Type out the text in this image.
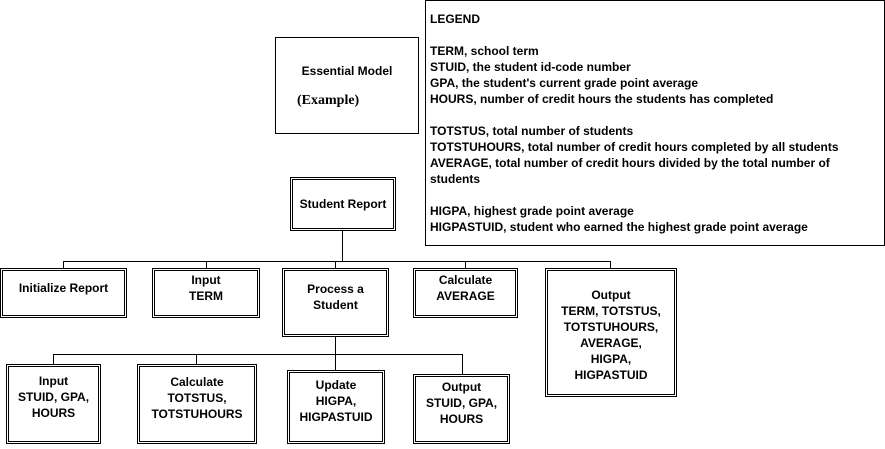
Essential Model
(Example)
LEGEND
TERM, school term
STUID, the student id-code number
GPA, the student's current grade point average
HOURS, number of credit hours the students has completed
TOTSTUS, total number of students
TOTSTUHOURS, total number of credit hours completed by all students
AVERAGE, total number of credit hours divided by the total number of students
HIGPA, highest grade point average
HIGPASTUID, student who earned the highest grade point average
Student Report
Initialize Report
Input
TERM	Process a
Student
Calculate
AVERAGE	Output
TERM, TOTSTUS,
TOTSTUHOURS,
AVERAGE,
HIGPA,
HIGPASTUID
Input
STUID, GPA,
HOURS
Calculate
TOTSTUS,
TOTSTUHOURS
Update
HIGPA,
HIGPASTUID
Output
STUID, GPA,
HOURS
